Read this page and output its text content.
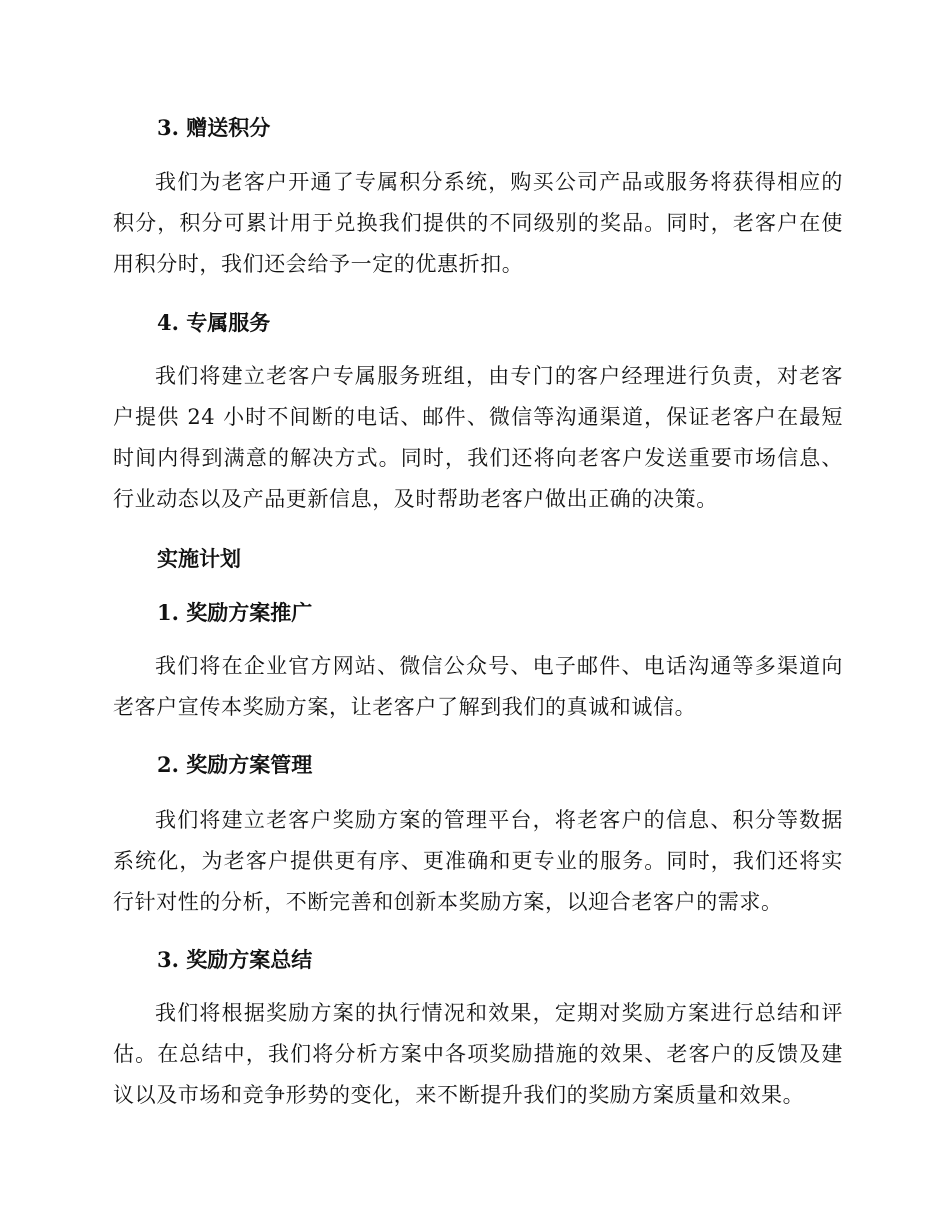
3. 赠送积分

我们为老客户开通了专属积分系统，购买公司产品或服务将获得相应的积分，积分可累计用于兑换我们提供的不同级别的奖品。同时，老客户在使用积分时，我们还会给予一定的优惠折扣。

4. 专属服务

我们将建立老客户专属服务班组，由专门的客户经理进行负责，对老客户提供 24 小时不间断的电话、邮件、微信等沟通渠道，保证老客户在最短时间内得到满意的解决方式。同时，我们还将向老客户发送重要市场信息、行业动态以及产品更新信息，及时帮助老客户做出正确的决策。

实施计划
1. 奖励方案推广

我们将在企业官方网站、微信公众号、电子邮件、电话沟通等多渠道向老客户宣传本奖励方案，让老客户了解到我们的真诚和诚信。

2. 奖励方案管理

我们将建立老客户奖励方案的管理平台，将老客户的信息、积分等数据系统化，为老客户提供更有序、更准确和更专业的服务。同时，我们还将实行针对性的分析，不断完善和创新本奖励方案，以迎合老客户的需求。

3. 奖励方案总结

我们将根据奖励方案的执行情况和效果，定期对奖励方案进行总结和评估。在总结中，我们将分析方案中各项奖励措施的效果、老客户的反馈及建议以及市场和竞争形势的变化，来不断提升我们的奖励方案质量和效果。
